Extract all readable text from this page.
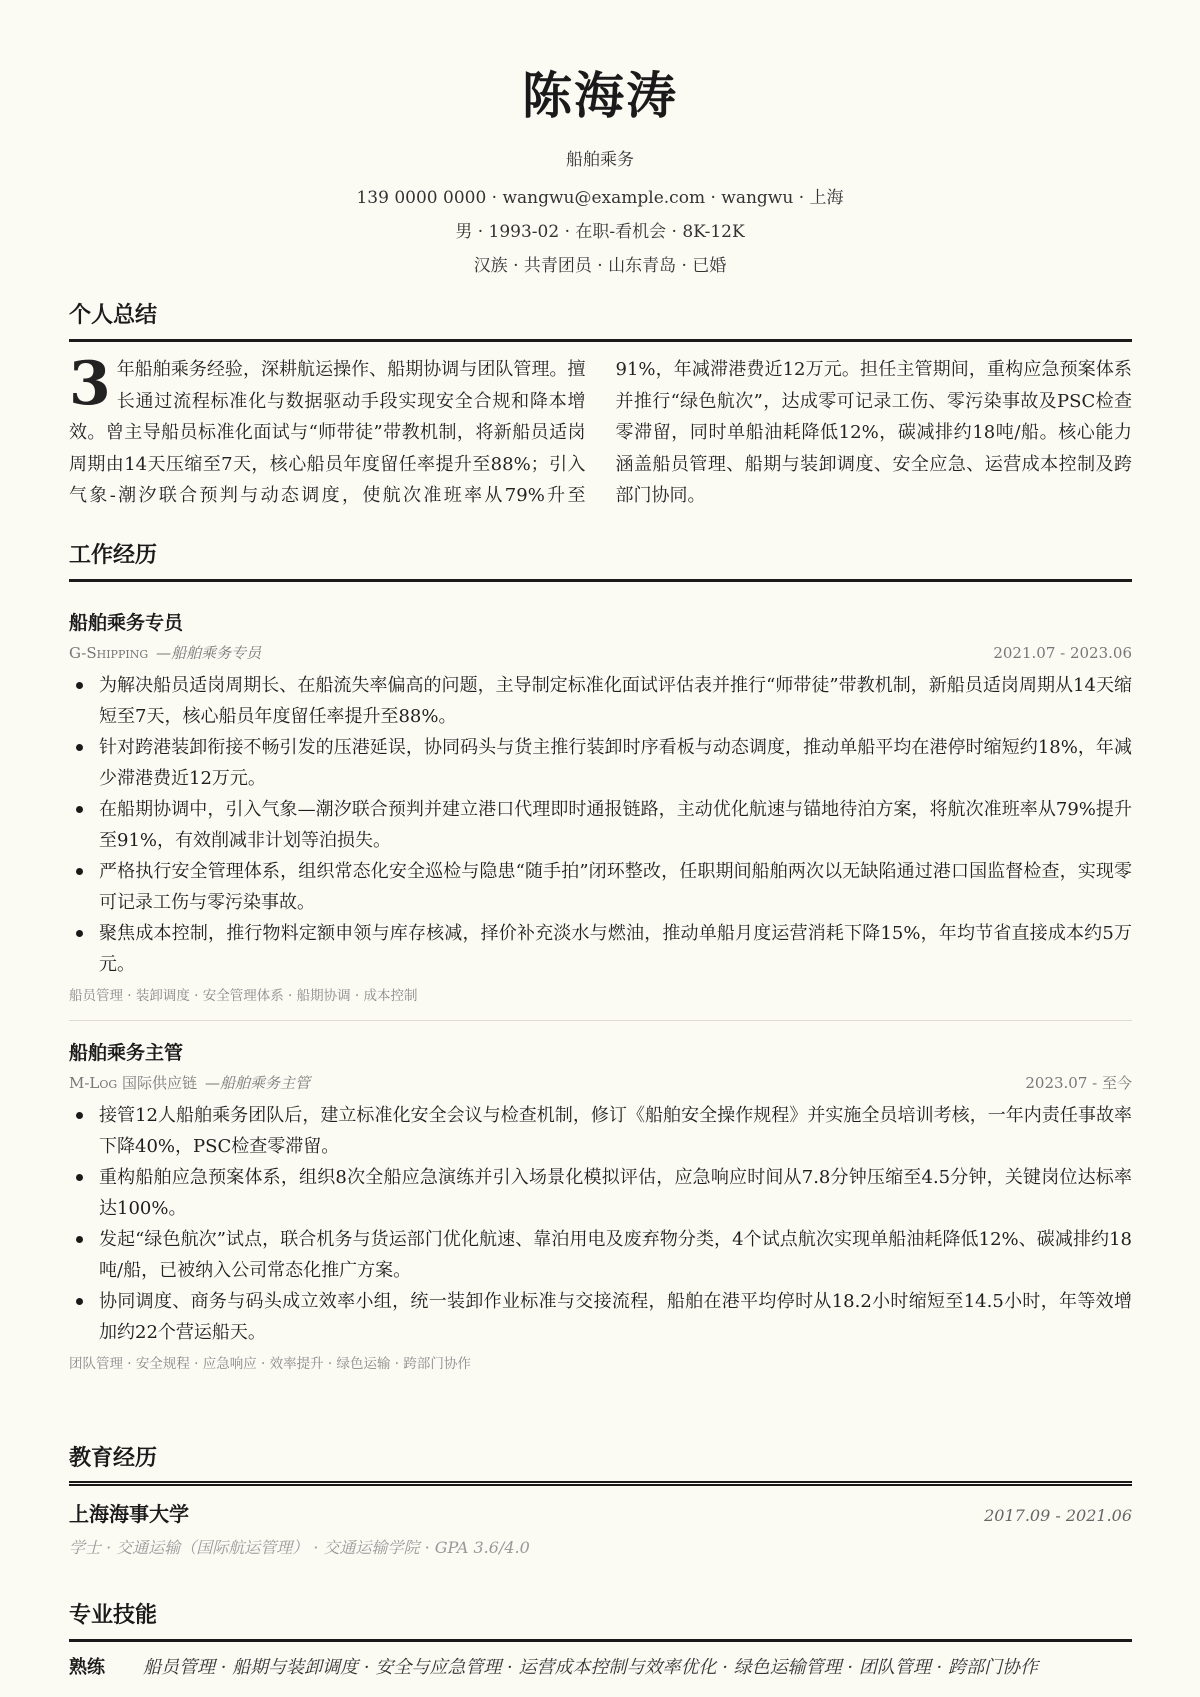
陈海涛
船舶乘务
139 0000 0000 · wangwu@example.com · wangwu · 上海
男 · 1993-02 · 在职-看机会 · 8K-12K
汉族 · 共青团员 · 山东青岛 · 已婚
个人总结
3 年船舶乘务经验，深耕航运操作、船期协调与团队管理。擅长通过流程标准化与数据驱动手段实现安全合规和降本增效。曾主导船员标准化面试与“师带徒”带教机制，将新船员适岗周期由14天压缩至7天，核心船员年度留任率提升至88%；引入气象-潮汐联合预判与动态调度，使航次准班率从79%升至91%，年减滞港费近12万元。担任主管期间，重构应急预案体系并推行“绿色航次”，达成零可记录工伤、零污染事故及PSC检查零滞留，同时单船油耗降低12%，碳减排约18吨/船。核心能力涵盖船员管理、船期与装卸调度、安全应急、运营成本控制及跨部门协同。
工作经历
船舶乘务专员
G-Shipping —船舶乘务专员	2021.07 - 2023.06
为解决船员适岗周期长、在船流失率偏高的问题，主导制定标准化面试评估表并推行“师带徒”带教机制，新船员适岗周期从14天缩短至7天，核心船员年度留任率提升至88%。
针对跨港装卸衔接不畅引发的压港延误，协同码头与货主推行装卸时序看板与动态调度，推动单船平均在港停时缩短约18%，年减少滞港费近12万元。
在船期协调中，引入气象—潮汐联合预判并建立港口代理即时通报链路，主动优化航速与锚地待泊方案，将航次准班率从79%提升至91%，有效削减非计划等泊损失。
严格执行安全管理体系，组织常态化安全巡检与隐患“随手拍”闭环整改，任职期间船舶两次以无缺陷通过港口国监督检查，实现零可记录工伤与零污染事故。
聚焦成本控制，推行物料定额申领与库存核减，择价补充淡水与燃油，推动单船月度运营消耗下降15%，年均节省直接成本约5万元。
船员管理 · 装卸调度 · 安全管理体系 · 船期协调 · 成本控制
船舶乘务主管
M-Log 国际供应链 —船舶乘务主管	2023.07 - 至今
接管12人船舶乘务团队后，建立标准化安全会议与检查机制，修订《船舶安全操作规程》并实施全员培训考核，一年内责任事故率下降40%，PSC检查零滞留。
重构船舶应急预案体系，组织8次全船应急演练并引入场景化模拟评估，应急响应时间从7.8分钟压缩至4.5分钟，关键岗位达标率达100%。
发起“绿色航次”试点，联合机务与货运部门优化航速、靠泊用电及废弃物分类，4个试点航次实现单船油耗降低12%、碳减排约18吨/船，已被纳入公司常态化推广方案。
协同调度、商务与码头成立效率小组，统一装卸作业标准与交接流程，船舶在港平均停时从18.2小时缩短至14.5小时，年等效增加约22个营运船天。
团队管理 · 安全规程 · 应急响应 · 效率提升 · 绿色运输 · 跨部门协作
教育经历
上海海事大学	2017.09 - 2021.06
学士 · 交通运输（国际航运管理） · 交通运输学院 · GPA 3.6/4.0
专业技能
熟练	船员管理 · 船期与装卸调度 · 安全与应急管理 · 运营成本控制与效率优化 · 绿色运输管理 · 团队管理 · 跨部门协作
